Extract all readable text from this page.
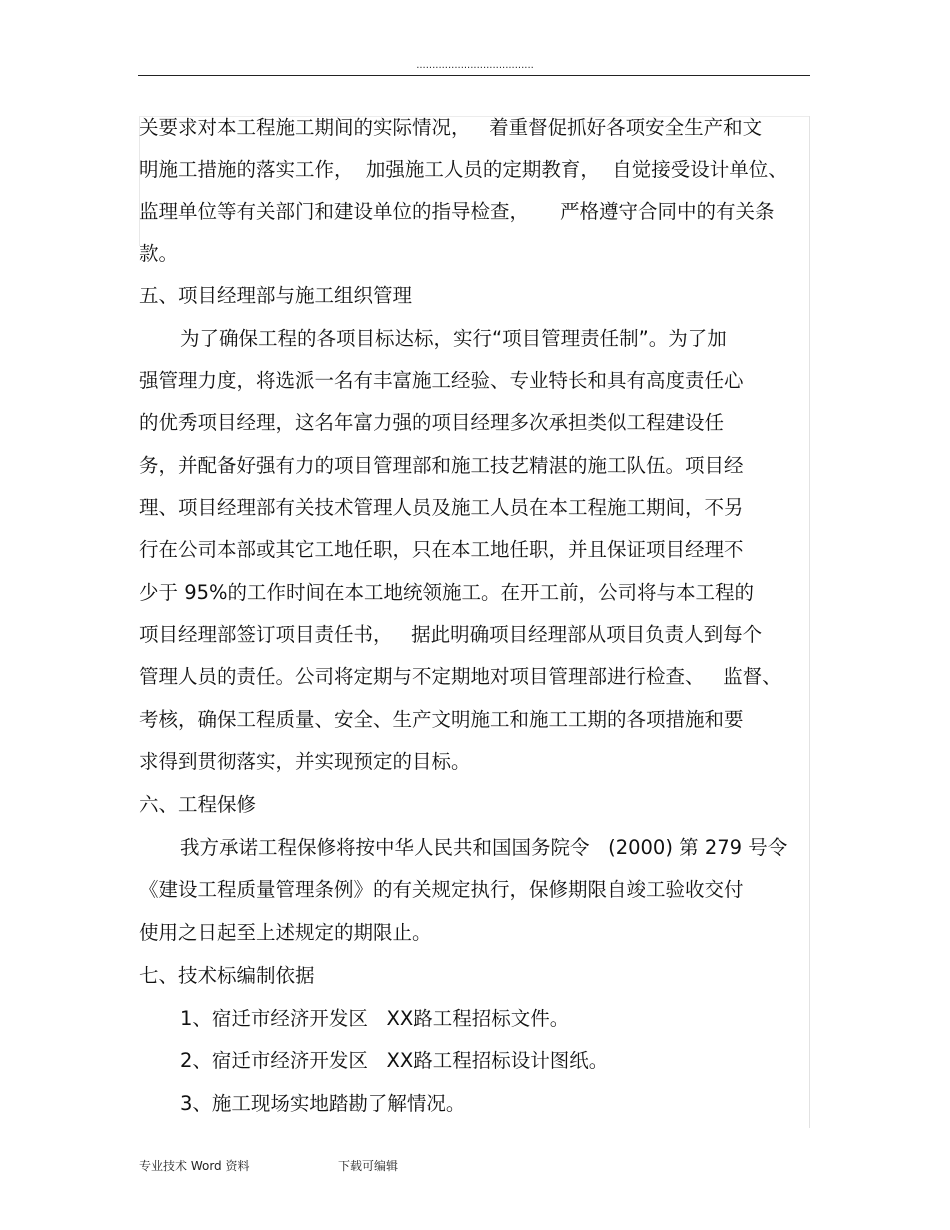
.....................................
关要求对本工程施工期间的实际情况，   着重督促抓好各项安全生产和文
明施工措施的落实工作，  加强施工人员的定期教育，  自觉接受设计单位、
监理单位等有关部门和建设单位的指导检查，     严格遵守合同中的有关条
款。
五、项目经理部与施工组织管理
为了确保工程的各项目标达标，实行“项目管理责任制”。为了加
强管理力度，将选派一名有丰富施工经验、专业特长和具有高度责任心
的优秀项目经理，这名年富力强的项目经理多次承担类似工程建设任
务，并配备好强有力的项目管理部和施工技艺精湛的施工队伍。项目经
理、项目经理部有关技术管理人员及施工人员在本工程施工期间，不另
行在公司本部或其它工地任职，只在本工地任职，并且保证项目经理不
少于 95%的工作时间在本工地统领施工。在开工前，公司将与本工程的
项目经理部签订项目责任书，   据此明确项目经理部从项目负责人到每个
管理人员的责任。公司将定期与不定期地对项目管理部进行检查、   监督、
考核，确保工程质量、安全、生产文明施工和施工工期的各项措施和要
求得到贯彻落实，并实现预定的目标。
六、工程保修
我方承诺工程保修将按中华人民共和国国务院令   (2000) 第 279 号令
《建设工程质量管理条例》的有关规定执行，保修期限自竣工验收交付
使用之日起至上述规定的期限止。
七、技术标编制依据
1、宿迁市经济开发区   XX路工程招标文件。
2、宿迁市经济开发区   XX路工程招标设计图纸。
3、施工现场实地踏勘了解情况。
专业技术 Word 资料	下载可编辑
